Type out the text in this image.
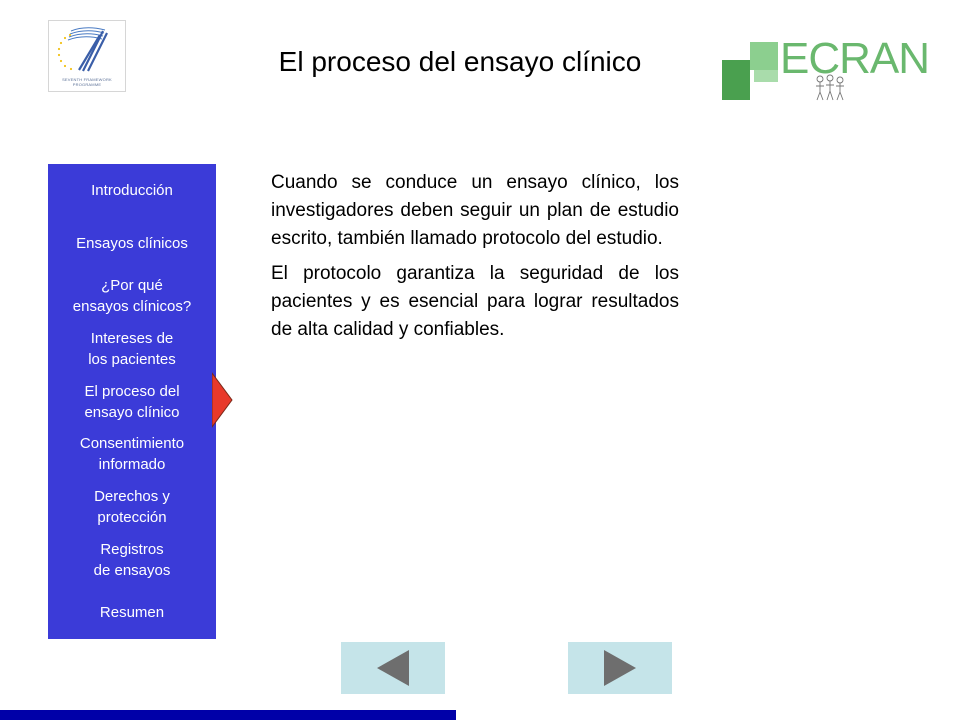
SEVENTH FRAMEWORK
PROGRAMME
El proceso del ensayo clínico	ECRAN
Introducción
Ensayos clínicos
¿Por qué
ensayos clínicos?
Intereses de
los pacientes
El proceso del
ensayo clínico
Consentimiento
informado
Derechos y
protección
Registros
de ensayos
Resumen

Cuando se conduce un ensayo clínico, los investigadores deben seguir un plan de estudio escrito, también llamado protocolo del estudio.

El protocolo garantiza la seguridad de los pacientes y es esencial para lograr resultados de alta calidad y confiables.
